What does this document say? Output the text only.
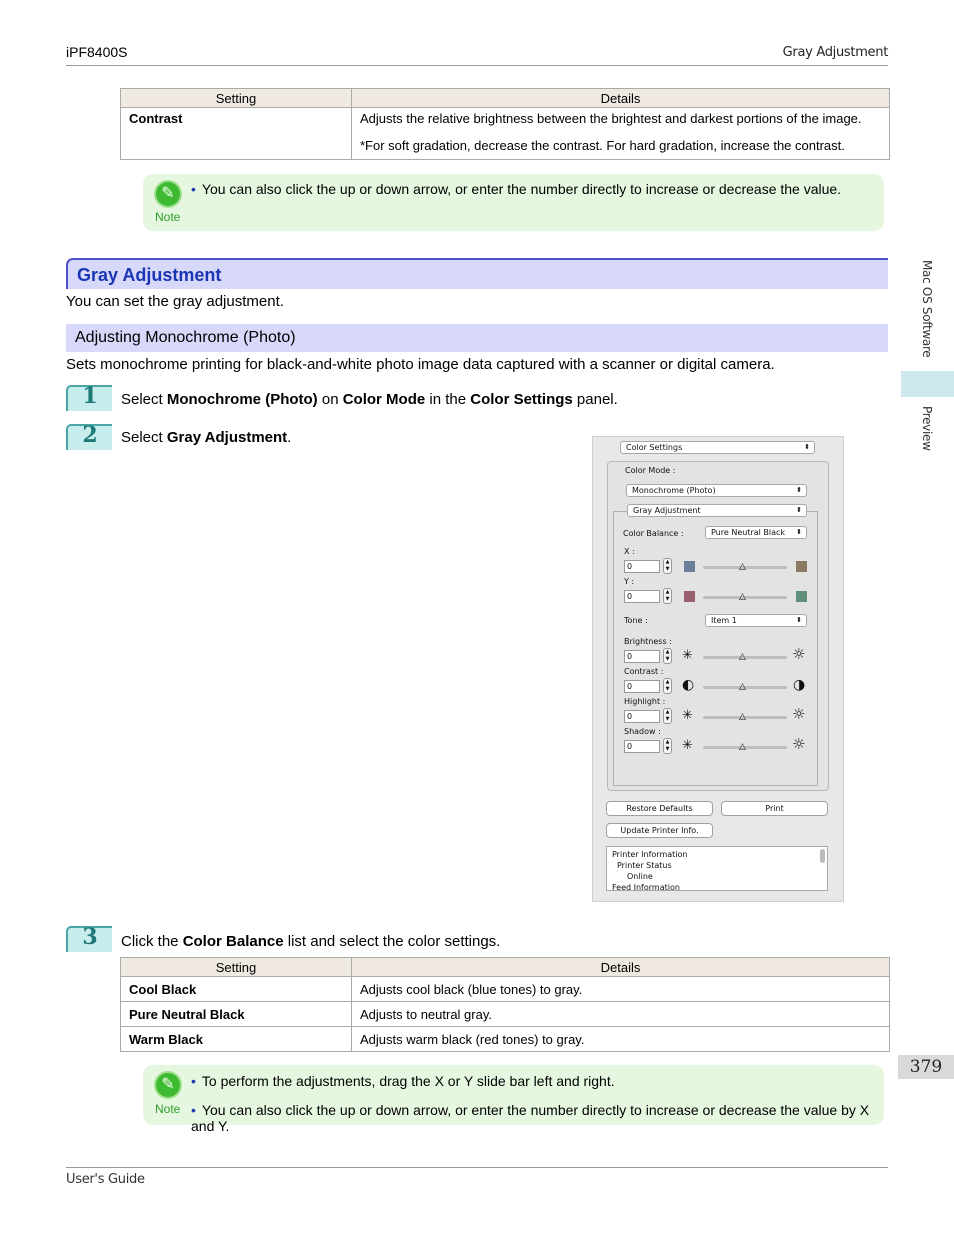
iPF8400S	Gray Adjustment
Setting	Details
Contrast	Adjusts the relative brightness between the brightest and darkest portions of the image.
*For soft gradation, decrease the contrast. For hard gradation, increase the contrast.
✎
Note
• You can also click the up or down arrow, or enter the number directly to increase or decrease the value.
Gray Adjustment
You can set the gray adjustment.
Adjusting Monochrome (Photo)
Sets monochrome printing for black-and-white photo image data captured with a scanner or digital camera.
1	Select Monochrome (Photo) on Color Mode in the Color Settings panel.
2	Select Gray Adjustment.
Color Settings	⬍
Color Mode :
Monochrome (Photo)	⬍
Gray Adjustment	⬍
Color Balance :	Pure Neutral Black ⬍
X :
0	▲
▼	△
Y :
0	▲
▼	△
Tone :	Item 1	⬍
Brightness :
0	▲
▼ ✳	△	☼
Contrast :
0	▲
▼ ◐	△	◑
Highlight :
0	▲
▼ ✳	△	☼
Shadow :
0	▲
▼ ✳	△	☼
Restore Defaults	Print
Update Printer Info.
Printer Information
Printer Status
Online
Feed Information
3	Click the Color Balance list and select the color settings.
Setting	Details
Cool Black	Adjusts cool black (blue tones) to gray.
Pure Neutral Black	Adjusts to neutral gray.
Warm Black	Adjusts warm black (red tones) to gray.
✎
Note
• To perform the adjustments, drag the X or Y slide bar left and right.
• You can also click the up or down arrow, or enter the number directly to increase or decrease the value by X and Y.
Mac OS Software
Preview
379
User's Guide
